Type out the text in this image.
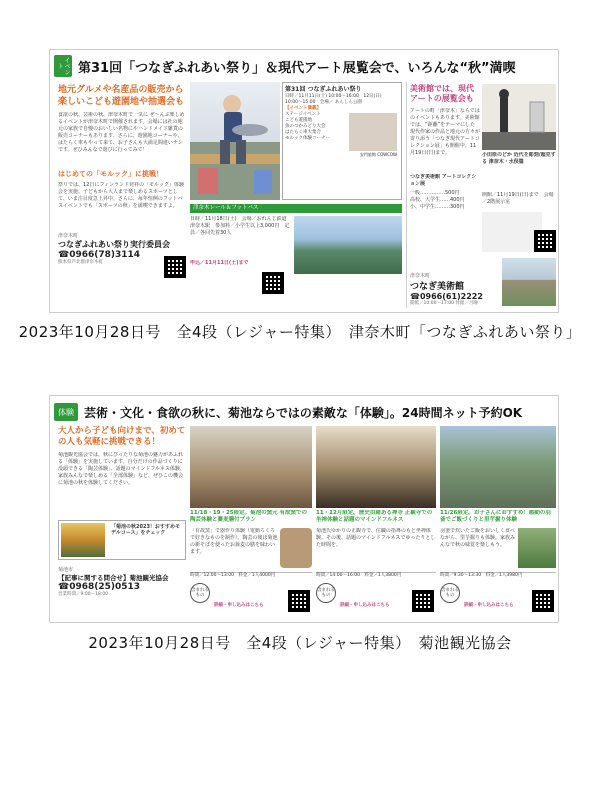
イベント	第31回「つなぎふれあい祭り」＆現代アート展覧会で、いろんな“秋”満喫
地元グルメや名産品の販売から楽しいこども遊園地や抽選会も
食欲の秋、芸術の秋、津奈木町で一気に ぜ〜んぶ楽しめるイベントが津奈木町で開催されます。会場には社の地元の家族で自慢のおいしい名物にやハンドメイド雑貨の販売コーナーもあります。さらに、遊園地コーナーや、はたらく車もやって来て、お子さんも大満足間違いナシです。ぜひみんなで遊びに行ってみて！
はじめての「モルック」に挑戦！
祭りでは、12日にフィンランド発祥の「モルック」体験会を実施。子どもから大人まで楽しめるスポーツとして、いま注目度急上昇中。さらに、毎年恒例のフットバスイベントでも「スポーツの秋」を満喫できますよ。
津奈木町
つなぎふれあい祭り実行委員会
☎0966(78)3114
熊本県芦北郡津奈木町
第31回 つなぎふれあい祭り
日時／11月11日(土) 10:00〜16:00　12日(日) 10:00〜15:00　会場／ あんしん公園
【イベント満載】
ステージイベント
こども遊園地
魚のつかみどり大会
はたらく車大集合
モルック体験コーナー
安門旅館 COWCOW
津奈木レール＆フットバス
日時／11月18日(土)　会場／おれんじ鉄道 津奈木駅　参加料／小学生以上3,000円　定員／各回先着30人
申込／11月11日(土)まで
美術館では、現代アートの展覧会も
アートの町「津奈木」ならではのイベントもあります。美術館では、“距離”をテーマにした現代作家の作品と地元の方々が寄り添う「つなぎ現代アートコレクション展」も開催中。11月19日(日)まで。
つなぎ美術館 アートコレクション展
一般……………500円
高校、大学生……400円
小、中学生………300円
小田原のどか 近代を彫刻/超克する 津奈木・水俣篇
開館／11月19日(日)まで　会場／2階展示室
津奈木町
つなぎ美術館
☎0966(61)2222
開館／10:00〜17:00 休館／月曜
2023年10月28日号　全4段（レジャー特集）　津奈木町「つなぎふれあい祭り」
体験 芸術・文化・食欲の秋に、菊池ならではの素敵な「体験」。24時間ネット予約OK
大人から子ども向けまで、初めての人も気軽に挑戦できる！
菊池観光協会では、秋にぴったりな菊池の魅力があふれる「体験」を実施しています。自分だけの作品づくりに没頭できる「陶芸体験」、話題のマインドフルネス体験、家族みんなで楽しめる「全部体験」など、ぜひこの機会に菊池の秋を体験してください。
「菊池の秋2023！おすすめモデルコース」をチェック
菊池市
【記事に関する問合せ】菊池観光協会
☎0968(25)0513
営業時間／9:00〜18:00
11/18・19・25限定。菊池の窯元 有故窯での陶芸体験と蕎麦膳付プラン
「有故窯」で器作り体験（電動ろくろで好きなものを制作）。陶芸の後は菊池の新そばを使ったお蕎麦の膳を味わいます。
時間／12:00〜13:00　料金／1人4000円
含まれるもの
詳細・申し込みはこちら
11・12月限定。歴史由緒ある禅寺 正観寺での坐禅体験と話題のマインドフルネス
菊池氏ゆかりの正観寺で、住職の指導のもと坐禅体験。その後、話題のマインドフルネスでゆったりとした時間を。
時間／14:00〜16:00　料金／1人3800円
含まれるもの
詳細・申し込みはこちら
11/26限定。お子さんにおすすめ！感動の羽釜でご飯づくりと里芋掘り体験
羽釜で炊いたご飯をおいしく食べながら、里芋掘りも体験。家族みんなで秋の味覚を楽しもう。
時間／9:30〜13:30　料金／1人3980円
含まれるもの
詳細・申し込みはこちら
2023年10月28日号　全4段（レジャー特集）　菊池観光協会
